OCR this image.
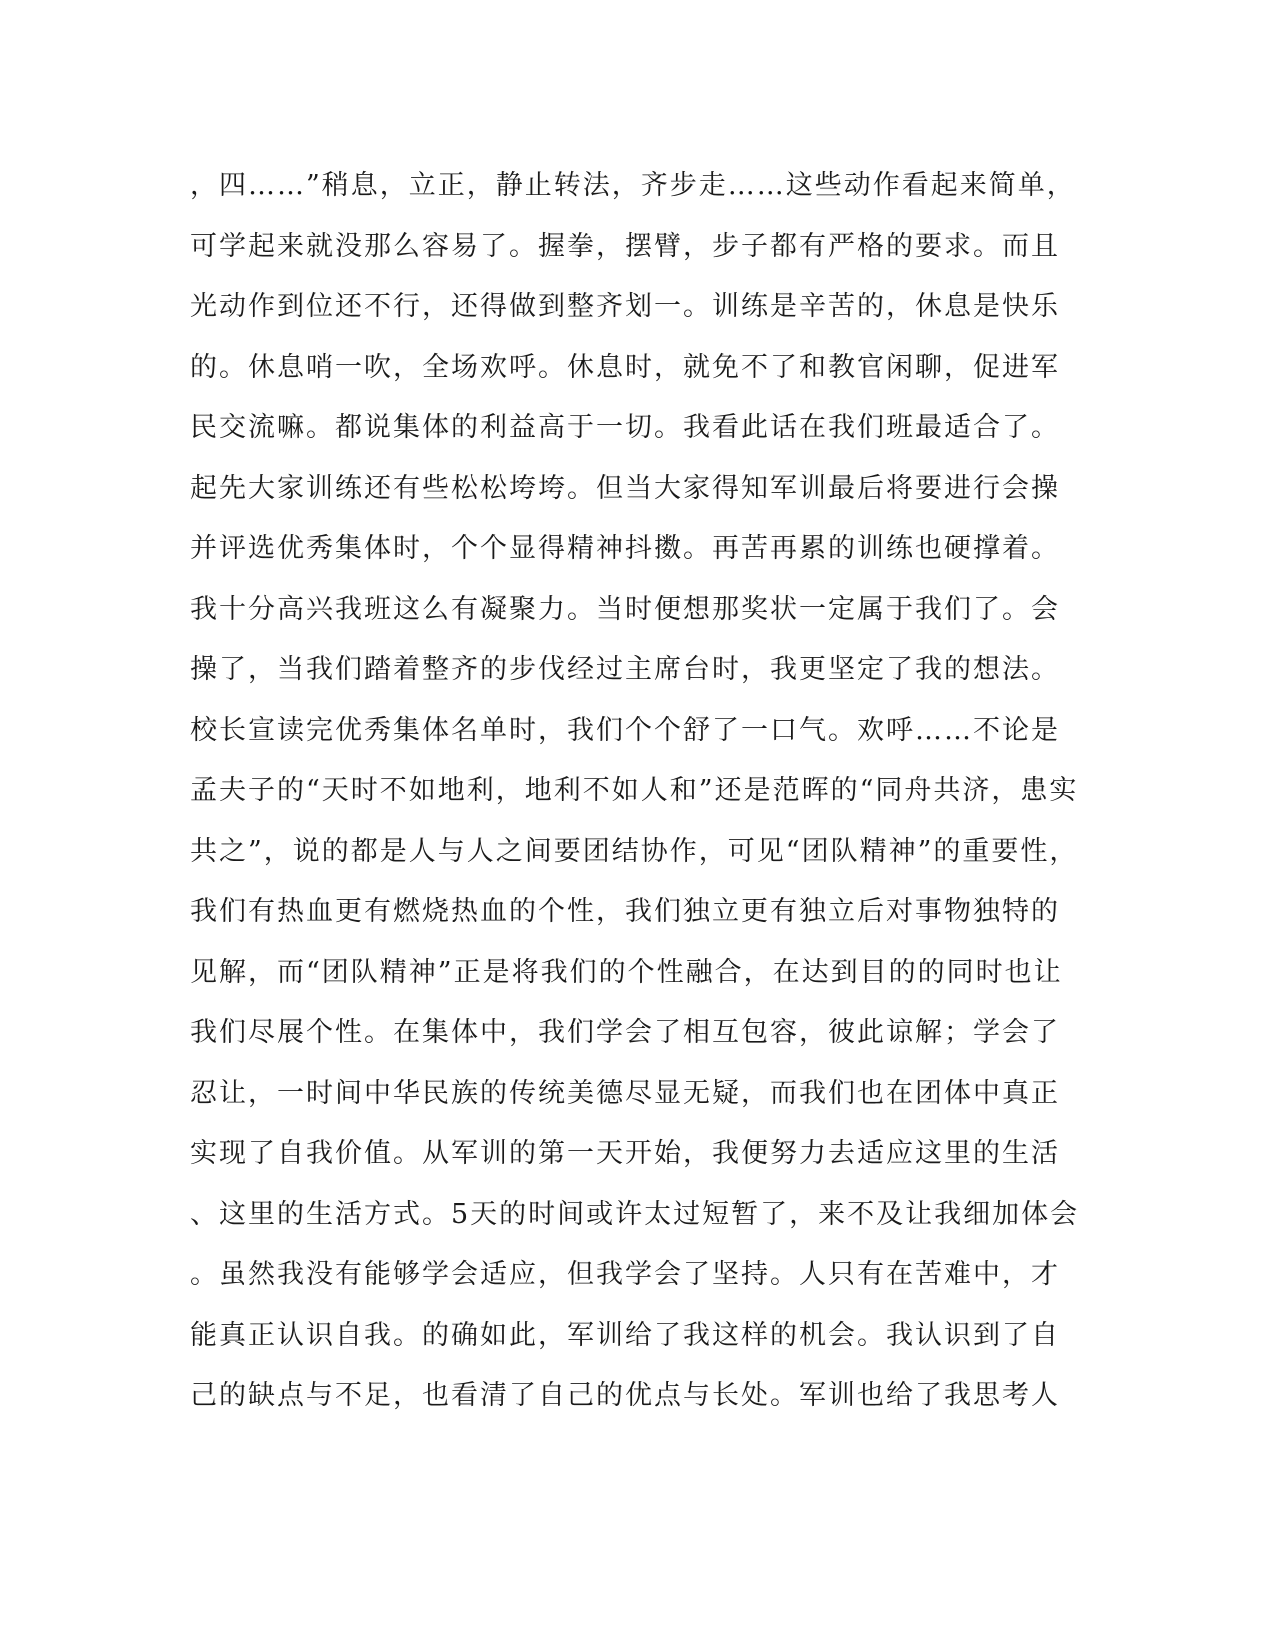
，四……”稍息，立正，静止转法，齐步走……这些动作看起来简单，
可学起来就没那么容易了。握拳，摆臂，步子都有严格的要求。而且
光动作到位还不行，还得做到整齐划一。训练是辛苦的，休息是快乐
的。休息哨一吹，全场欢呼。休息时，就免不了和教官闲聊，促进军
民交流嘛。都说集体的利益高于一切。我看此话在我们班最适合了。
起先大家训练还有些松松垮垮。但当大家得知军训最后将要进行会操
并评选优秀集体时，个个显得精神抖擞。再苦再累的训练也硬撑着。
我十分高兴我班这么有凝聚力。当时便想那奖状一定属于我们了。会
操了，当我们踏着整齐的步伐经过主席台时，我更坚定了我的想法。
校长宣读完优秀集体名单时，我们个个舒了一口气。欢呼……不论是
孟夫子的“天时不如地利，地利不如人和”还是范晖的“同舟共济，患实
共之”，说的都是人与人之间要团结协作，可见“团队精神”的重要性，
我们有热血更有燃烧热血的个性，我们独立更有独立后对事物独特的
见解，而“团队精神”正是将我们的个性融合，在达到目的的同时也让
我们尽展个性。在集体中，我们学会了相互包容，彼此谅解；学会了
忍让，一时间中华民族的传统美德尽显无疑，而我们也在团体中真正
实现了自我价值。从军训的第一天开始，我便努力去适应这里的生活
、这里的生活方式。5天的时间或许太过短暂了，来不及让我细加体会
。虽然我没有能够学会适应，但我学会了坚持。人只有在苦难中，才
能真正认识自我。的确如此，军训给了我这样的机会。我认识到了自
己的缺点与不足，也看清了自己的优点与长处。军训也给了我思考人
